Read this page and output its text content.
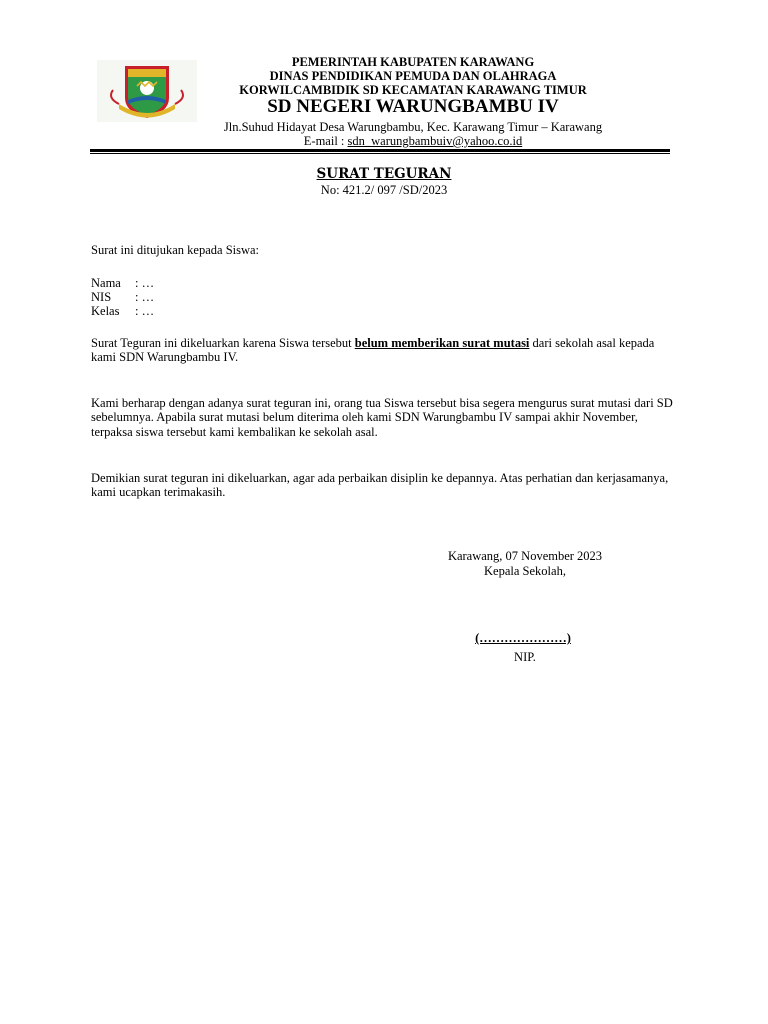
PEMERINTAH KABUPATEN KARAWANG
DINAS PENDIDIKAN PEMUDA DAN OLAHRAGA
KORWILCAMBIDIK SD KECAMATAN KARAWANG TIMUR
SD NEGERI WARUNGBAMBU IV
Jln.Suhud Hidayat Desa Warungbambu, Kec. Karawang Timur – Karawang
E-mail : sdn_warungbambuiv@yahoo.co.id
SURAT TEGURAN
No: 421.2/ 097 /SD/2023
Surat ini ditujukan kepada Siswa:
Nama : …
NIS : …
Kelas : …
Surat Teguran ini dikeluarkan karena Siswa tersebut belum memberikan surat mutasi dari sekolah asal kepada kami SDN Warungbambu IV.
Kami berharap dengan adanya surat teguran ini, orang tua Siswa tersebut bisa segera mengurus surat mutasi dari SD sebelumnya. Apabila surat mutasi belum diterima oleh kami SDN Warungbambu IV sampai akhir November, terpaksa siswa tersebut kami kembalikan ke sekolah asal.
Demikian surat teguran ini dikeluarkan, agar ada perbaikan disiplin ke depannya. Atas perhatian dan kerjasamanya, kami ucapkan terimakasih.
Karawang, 07 November 2023
Kepala Sekolah,
(…………………)
NIP.
